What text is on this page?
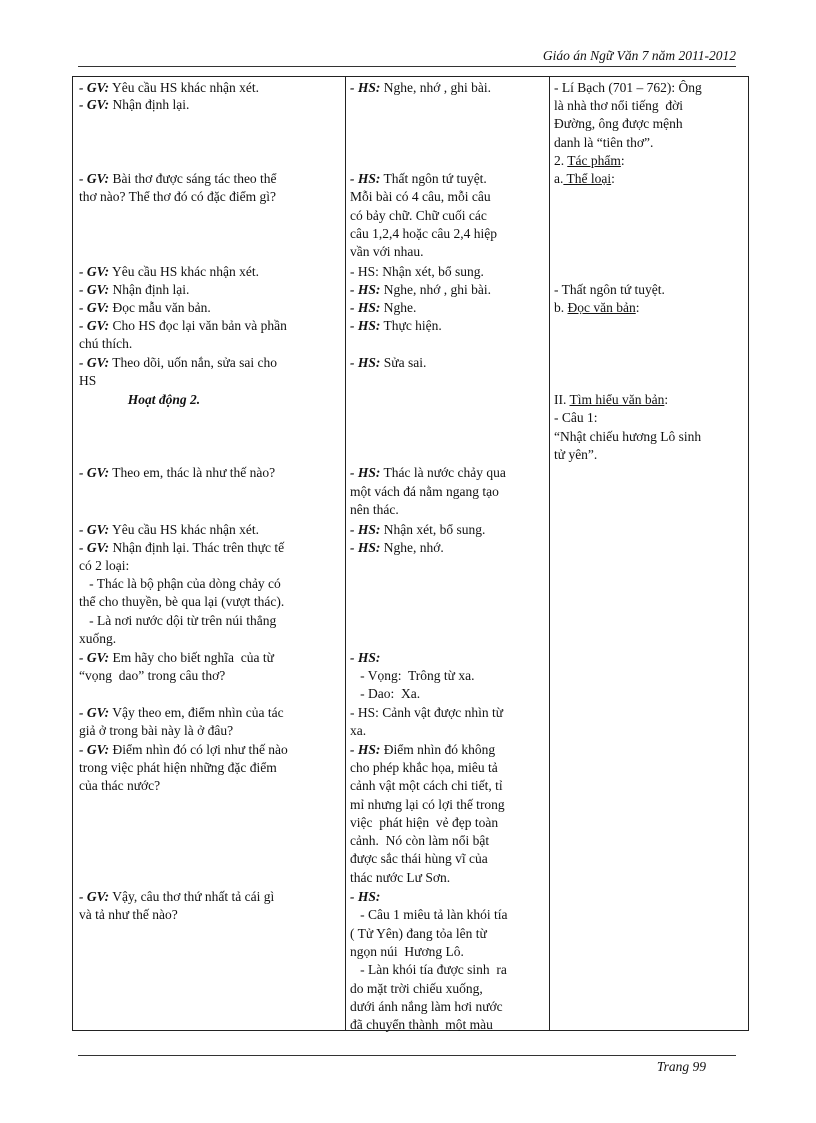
Giáo án Ngữ Văn 7 năm 2011-2012
- GV: Yêu cầu HS khác nhận xét.
- GV: Nhận định lại.
- GV: Bài thơ được sáng tác theo thể
thơ nào? Thể thơ đó có đặc điểm gì?
- GV: Yêu cầu HS khác nhận xét.
- GV: Nhận định lại.
- GV: Đọc mẫu văn bản.
- GV: Cho HS đọc lại văn bản và phần
chú thích.
- GV: Theo dõi, uốn nắn, sửa sai cho
HS
Hoạt động 2.
- GV: Theo em, thác là như thế nào?
- GV: Yêu cầu HS khác nhận xét.
- GV: Nhận định lại. Thác trên thực tế
có 2 loại:
- Thác là bộ phận của dòng chảy có
thể cho thuyền, bè qua lại (vượt thác).
- Là nơi nước dội từ trên núi thẳng
xuống.
- GV: Em hãy cho biết nghĩa  của từ
“vọng  dao” trong câu thơ?
- GV: Vậy theo em, điểm nhìn của tác
giả ở trong bài này là ở đâu?
- GV: Điểm nhìn đó có lợi như thế nào
trong việc phát hiện những đặc điểm
của thác nước?
- GV: Vậy, câu thơ thứ nhất tả cái gì
và tả như thế nào?
- HS: Nghe, nhớ , ghi bài.
- HS: Thất ngôn tứ tuyệt.
Mỗi bài có 4 câu, mỗi câu
có bảy chữ. Chữ cuối các
câu 1,2,4 hoặc câu 2,4 hiệp
vần với nhau.
- HS: Nhận xét, bổ sung.
- HS: Nghe, nhớ , ghi bài.
- HS: Nghe.
- HS: Thực hiện.
- HS: Sửa sai.
- HS: Thác là nước chảy qua
một vách đá nằm ngang tạo
nên thác.
- HS: Nhận xét, bổ sung.
- HS: Nghe, nhớ.
- HS:
- Vọng:  Trông từ xa.
- Dao:  Xa.
- HS: Cảnh vật được nhìn từ
xa.
- HS: Điểm nhìn đó không
cho phép khắc họa, miêu tả
cảnh vật một cách chi tiết, tỉ
mỉ nhưng lại có lợi thế trong
việc  phát hiện  vẻ đẹp toàn
cảnh.  Nó còn làm nổi bật
được sắc thái hùng vĩ của
thác nước Lư Sơn.
- HS:
- Câu 1 miêu tả làn khói tía
( Tử Yên) đang tỏa lên từ
ngọn núi  Hương Lô.
- Làn khói tía được sinh  ra
do mặt trời chiếu xuống,
dưới ánh nắng làm hơi nước
đã chuyển thành  một màu
- Lí Bạch (701 – 762): Ông
là nhà thơ nổi tiếng  đời
Đường, ông được mệnh
danh là “tiên thơ”.
2. Tác phẩm:
a. Thể loại:
- Thất ngôn tứ tuyệt.
b. Đọc văn bản:
II. Tìm hiểu văn bản:
- Câu 1:
“Nhật chiếu hương Lô sinh
tử yên”.
Trang 99
